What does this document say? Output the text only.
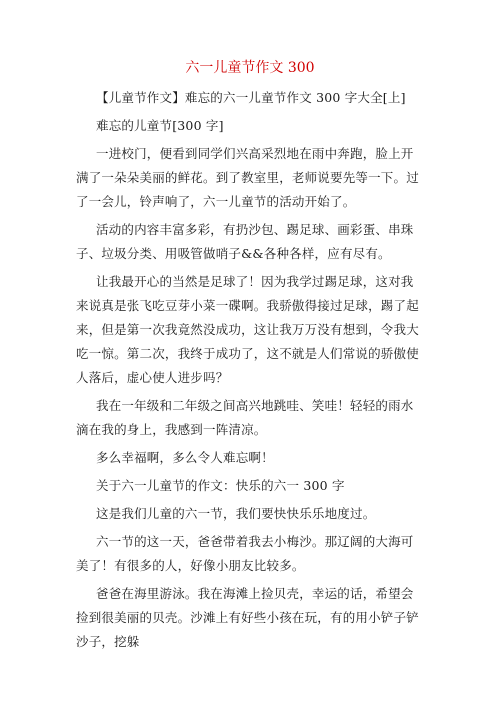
六一儿童节作文 300
【儿童节作文】难忘的六一儿童节作文 300 字大全[上]
难忘的儿童节[300 字]
一进校门，便看到同学们兴高采烈地在雨中奔跑，脸上开满了一朵朵美丽的鲜花。到了教室里，老师说要先等一下。过了一会儿，铃声响了，六一儿童节的活动开始了。
活动的内容丰富多彩，有扔沙包、踢足球、画彩蛋、串珠子、垃圾分类、用吸管做哨子&&各种各样，应有尽有。
让我最开心的当然是足球了！因为我学过踢足球，这对我来说真是张飞吃豆芽小菜一碟啊。我骄傲得接过足球，踢了起来，但是第一次我竟然没成功，这让我万万没有想到，令我大吃一惊。第二次，我终于成功了，这不就是人们常说的骄傲使人落后，虚心使人进步吗？
我在一年级和二年级之间高兴地跳哇、笑哇！轻轻的雨水滴在我的身上，我感到一阵清凉。
多么幸福啊，多么令人难忘啊！
关于六一儿童节的作文：快乐的六一 300 字
这是我们儿童的六一节，我们要快快乐乐地度过。
六一节的这一天，爸爸带着我去小梅沙。那辽阔的大海可美了！有很多的人，好像小朋友比较多。
爸爸在海里游泳。我在海滩上捡贝壳，幸运的话，希望会捡到很美丽的贝壳。沙滩上有好些小孩在玩，有的用小铲子铲沙子，挖躲
